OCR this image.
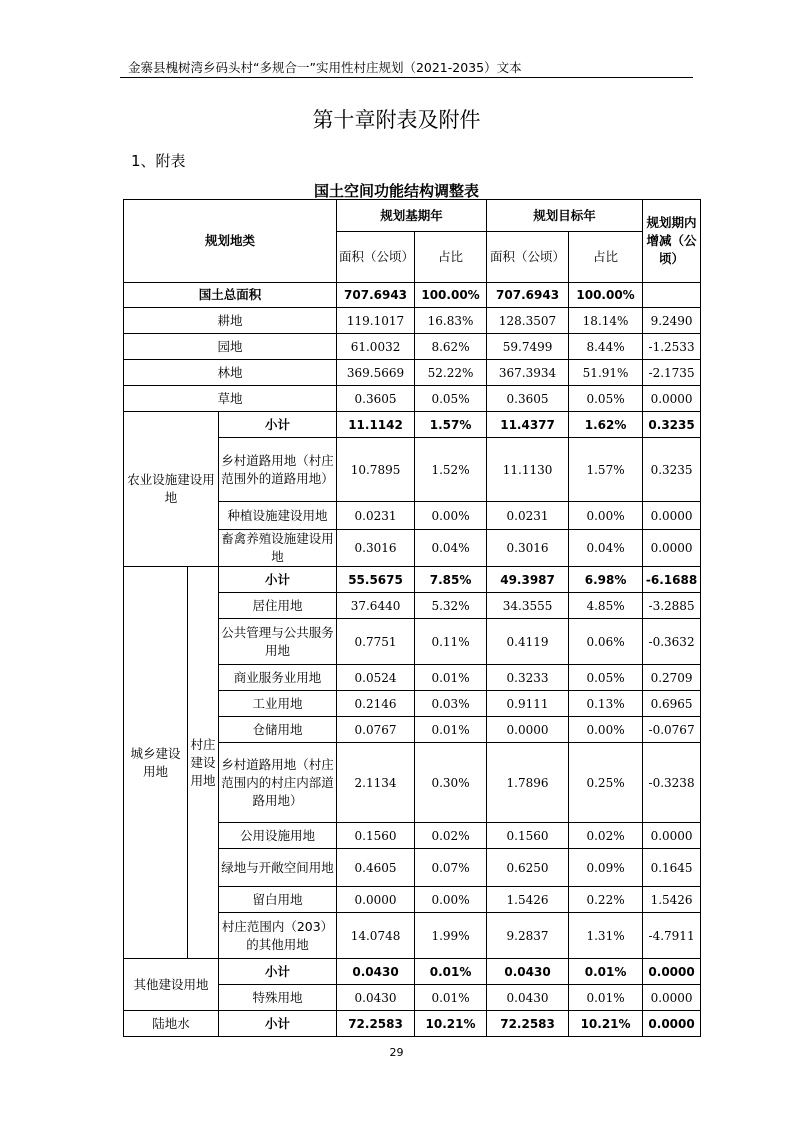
金寨县槐树湾乡码头村“多规合一”实用性村庄规划（2021-2035）文本
第十章附表及附件
1、附表
国土空间功能结构调整表
规划地类			规划基期年		规划目标年		规划期内增减（公顷）
			面积（公顷）	占比	面积（公顷）	占比	
国土总面积			707.6943	100.00%	707.6943	100.00%	
耕地			119.1017	16.83%	128.3507	18.14%	9.2490
园地			61.0032	8.62%	59.7499	8.44%	-1.2533
林地			369.5669	52.22%	367.3934	51.91%	-2.1735
草地			0.3605	0.05%	0.3605	0.05%	0.0000
农业设施建设用地		小计	11.1142	1.57%	11.4377	1.62%	0.3235
		乡村道路用地（村庄范围外的道路用地）	10.7895	1.52%	11.1130	1.57%	0.3235
		种植设施建设用地	0.0231	0.00%	0.0231	0.00%	0.0000
		畜禽养殖设施建设用地	0.3016	0.04%	0.3016	0.04%	0.0000
城乡建设用地	村庄建设用地	小计	55.5675	7.85%	49.3987	6.98%	-6.1688
		居住用地	37.6440	5.32%	34.3555	4.85%	-3.2885
		公共管理与公共服务用地	0.7751	0.11%	0.4119	0.06%	-0.3632
		商业服务业用地	0.0524	0.01%	0.3233	0.05%	0.2709
		工业用地	0.2146	0.03%	0.9111	0.13%	0.6965
		仓储用地	0.0767	0.01%	0.0000	0.00%	-0.0767
		乡村道路用地（村庄范围内的村庄内部道路用地）	2.1134	0.30%	1.7896	0.25%	-0.3238
		公用设施用地	0.1560	0.02%	0.1560	0.02%	0.0000
		绿地与开敞空间用地	0.4605	0.07%	0.6250	0.09%	0.1645
		留白用地	0.0000	0.00%	1.5426	0.22%	1.5426
		村庄范围内（203）的其他用地	14.0748	1.99%	9.2837	1.31%	-4.7911
其他建设用地		小计	0.0430	0.01%	0.0430	0.01%	0.0000
		特殊用地	0.0430	0.01%	0.0430	0.01%	0.0000
陆地水		小计	72.2583	10.21%	72.2583	10.21%	0.0000
29
